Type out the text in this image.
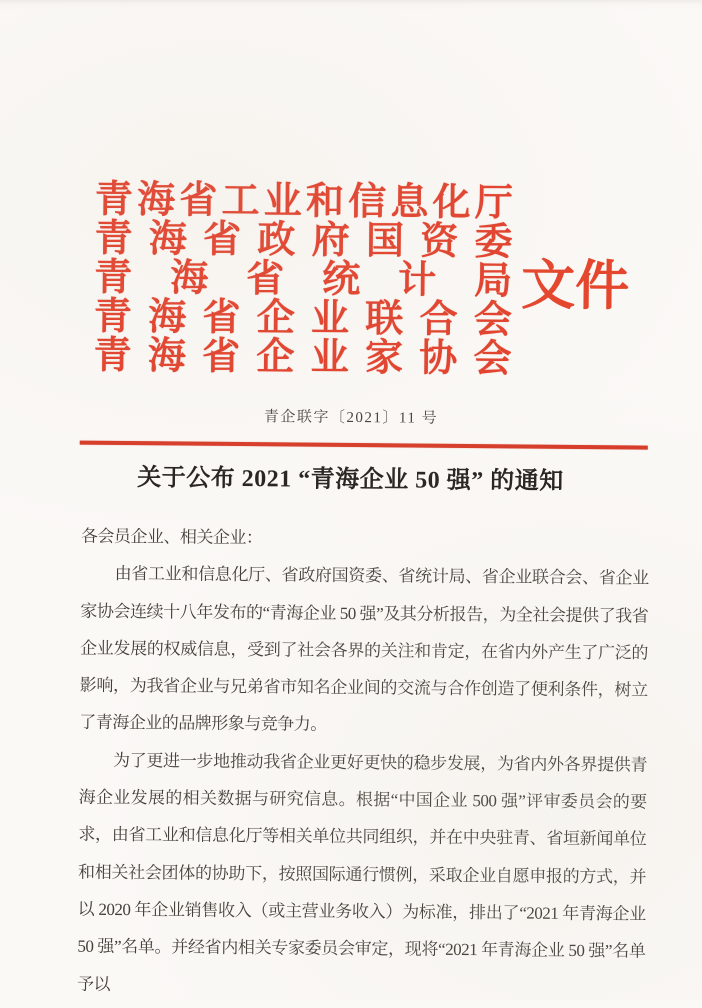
青 海 省 工 业 和 信 息 化 厅
青 海 省 政 府 国 资 委
青 海 省 统 计 局
青 海 省 企 业 联 合 会
青 海 省 企 业 家 协 会
文件
青企联字〔2021〕11 号
关于公布 2021 “青海企业 50 强” 的通知

各会员企业、相关企业：

由省工业和信息化厅、省政府国资委、省统计局、省企业联合会、省企业家协会连续十八年发布的“青海企业 50 强”及其分析报告，为全社会提供了我省企业发展的权威信息，受到了社会各界的关注和肯定，在省内外产生了广泛的影响，为我省企业与兄弟省市知名企业间的交流与合作创造了便利条件，树立了青海企业的品牌形象与竞争力。

为了更进一步地推动我省企业更好更快的稳步发展，为省内外各界提供青海企业发展的相关数据与研究信息。根据“中国企业 500 强”评审委员会的要求，由省工业和信息化厅等相关单位共同组织，并在中央驻青、省垣新闻单位和相关社会团体的协助下，按照国际通行惯例，采取企业自愿申报的方式，并以 2020 年企业销售收入（或主营业务收入）为标准，排出了“2021 年青海企业 50 强”名单。并经省内相关专家委员会审定，现将“2021 年青海企业 50 强”名单予以
